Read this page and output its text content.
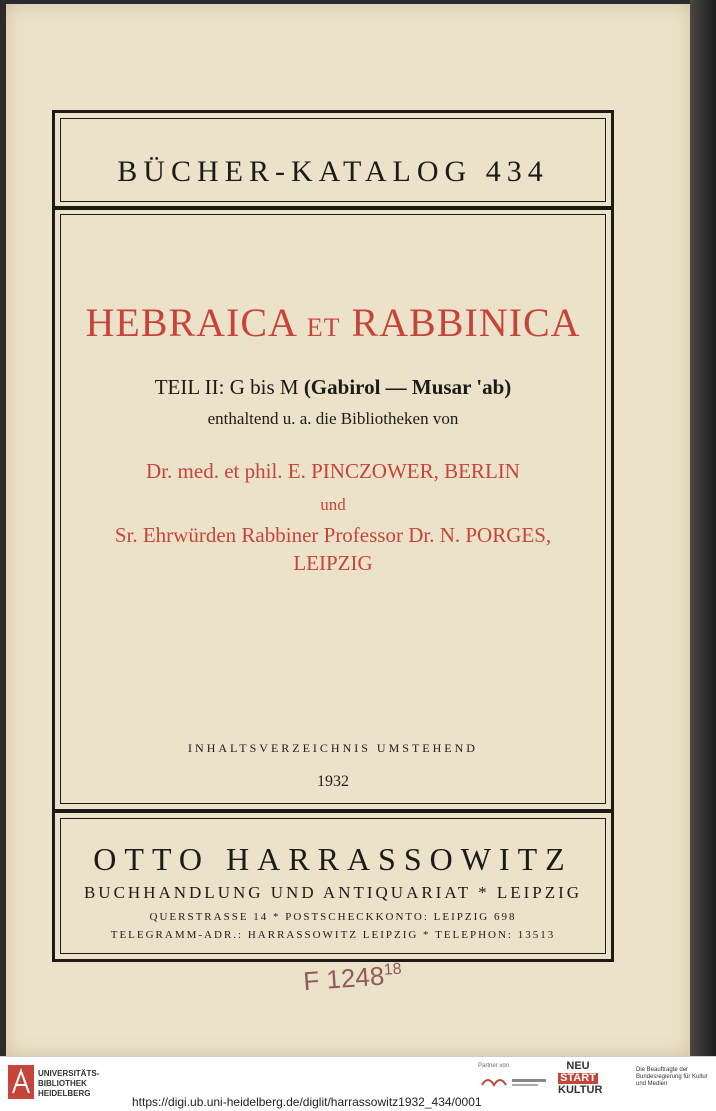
BÜCHER-KATALOG 434
HEBRAICA ET RABBINICA
TEIL II: G bis M (Gabirol — Musar 'ab)
enthaltend u. a. die Bibliotheken von
Dr. med. et phil. E. PINCZOWER, BERLIN
und
Sr. Ehrwürden Rabbiner Professor Dr. N. PORGES,
LEIPZIG
INHALTSVERZEICHNIS UMSTEHEND
1932
OTTO HARRASSOWITZ
BUCHHANDLUNG UND ANTIQUARIAT * LEIPZIG
QUERSTRASSE 14 * POSTSCHECKKONTO: LEIPZIG 698
TELEGRAMM-ADR.: HARRASSOWITZ LEIPZIG * TELEPHON: 13513
F 1248$^{18}$
UNIVERSITÄTS-
BIBLIOTHEK
HEIDELBERG
https://digi.ub.uni-heidelberg.de/diglit/harrassowitz1932_434/0001
Partner von	NEU
START
KULTUR
Die Beauftragte der Bundesregierung für Kultur und Medien
